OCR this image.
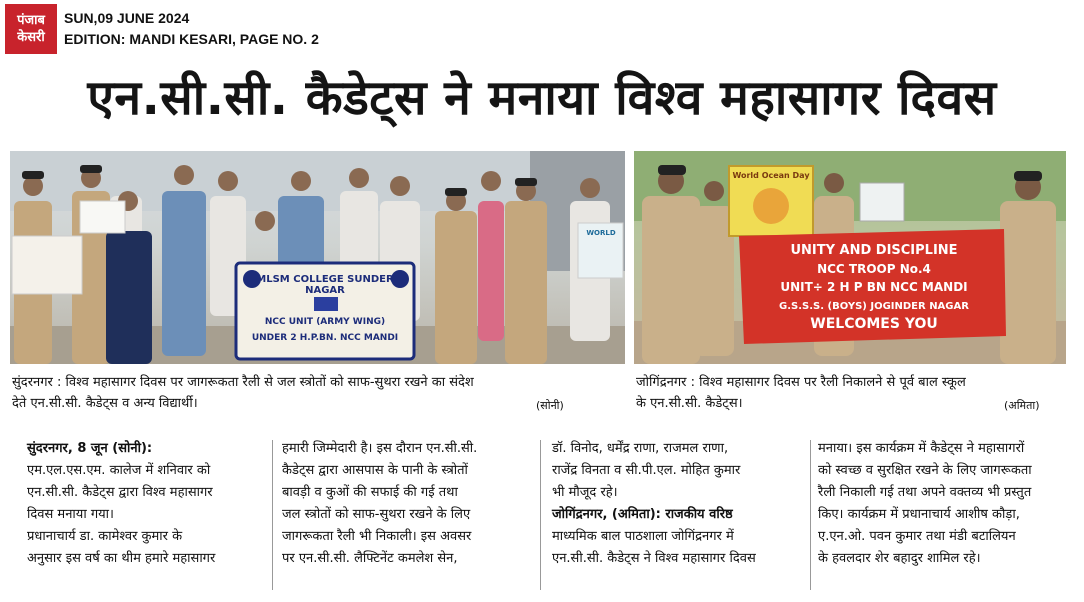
पंजाब
केसरी
SUN,09 JUNE 2024
EDITION: MANDI KESARI, PAGE NO. 2
एन.सी.सी. कैडेट्स ने मनाया विश्व महासागर दिवस
MLSM COLLEGE SUNDER NAGAR
NCC UNIT (ARMY WING)
UNDER 2 H.P.BN. NCC MANDI
WORLD
World Ocean Day
UNITY AND DISCIPLINE
NCC TROOP No.4
UNIT÷ 2 H P BN NCC MANDI
G.S.S.S. (BOYS) JOGINDER NAGAR
WELCOMES YOU
सुंदरनगर : विश्व महासागर दिवस पर जागरूकता रैली से जल स्त्रोतों को साफ-सुथरा रखने का संदेश
देते एन.सी.सी. कैडेट्स व अन्य विद्यार्थी।	(सोनी)
जोगिंद्रनगर : विश्व महासागर दिवस पर रैली निकालने से पूर्व बाल स्कूल
के एन.सी.सी. कैडेट्स।	(अमिता)

सुंदरनगर, 8 जून (सोनी):

एम.एल.एस.एम. कालेज में शनिवार को

एन.सी.सी. कैडेट्स द्वारा विश्व महासागर

दिवस मनाया गया।

प्रधानाचार्य डा. कामेश्वर कुमार के

अनुसार इस वर्ष का थीम हमारे महासागर

हमारी जिम्मेदारी है। इस दौरान एन.सी.सी.

कैडेट्स द्वारा आसपास के पानी के स्त्रोतों

बावड़ी व कुओं की सफाई की गई तथा

जल स्त्रोतों को साफ-सुथरा रखने के लिए

जागरूकता रैली भी निकाली। इस अवसर

पर एन.सी.सी. लैफ्टिनेंट कमलेश सेन,

डॉ. विनोद, धर्मेंद्र राणा, राजमल राणा,

राजेंद्र विनता व सी.पी.एल. मोहित कुमार

भी मौजूद रहे।

जोगिंद्रनगर, (अमिता): राजकीय वरिष्ठ

माध्यमिक बाल पाठशाला जोगिंद्रनगर में

एन.सी.सी. कैडेट्स ने विश्व महासागर दिवस

मनाया। इस कार्यक्रम में कैडेट्स ने महासागरों

को स्वच्छ व सुरक्षित रखने के लिए जागरूकता

रैली निकाली गई तथा अपने वक्तव्य भी प्रस्तुत

किए। कार्यक्रम में प्रधानाचार्य आशीष कौड़ा,

ए.एन.ओ. पवन कुमार तथा मंडी बटालियन

के हवलदार शेर बहादुर शामिल रहे।
